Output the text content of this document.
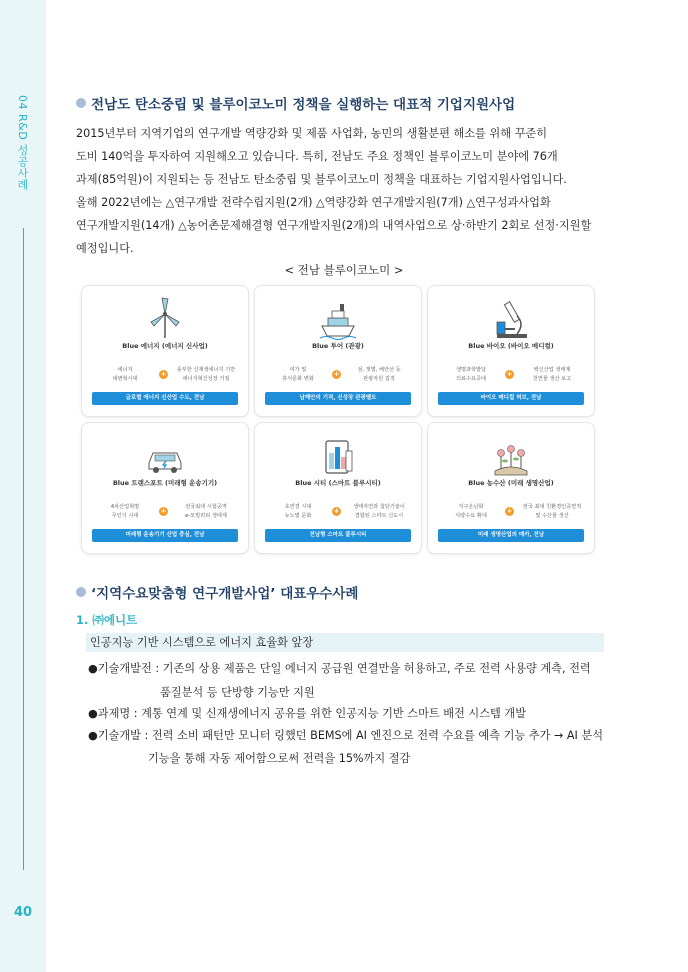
04 R&D 성공사례
40
전남도 탄소중립 및 블루이코노미 정책을 실행하는 대표적 기업지원사업
2015년부터 지역기업의 연구개발 역량강화 및 제품 사업화, 농민의 생활분편 해소를 위해 꾸준히
도비 140억을 투자하여 지원해오고 있습니다. 특히, 전남도 주요 정책인 블루이코노미 분야에 76개
과제(85억원)이 지원되는 등 전남도 탄소중립 및 블루이코노미 정책을 대표하는 기업지원사업입니다.
올해 2022년에는 △연구개발 전략수립지원(2개) △역량강화 연구개발지원(7개) △연구성과사업화
연구개발지원(14개) △농어촌문제해결형 연구개발지원(2개)의 내역사업으로 상·하반기 2회로 선정·지원할
예정입니다.
< 전남 블루이코노미 >
Blue 에너지 (에너지 신사업)
에너지
대변혁시대
+	풍부한 신재생에너지 기반
에너지혁신성장 거점
글로벌 에너지 신산업 수도, 전남
Blue 투어 (관광)
여가 및
휴식문화 변화
+	섬, 갯벌, 해안선 등
관광자원 집적
남해안의 기적, 신성장 관광벨트
Blue 바이오 (바이오 메디컬)
생명과학발달
의료수요증대
+	백신산업 생태계
천연물 생산 보고
바이오 메디컬 허브, 전남
Blue 트랜스포트 (미래형 운송기기)
4차산업혁명
무인기 시대
+	전국최대 시험공역
e-모빌리티 생태계
미래형 운송기기 산업 중심, 전남
Blue 시티 (스마트 블루시티)
초연결 시대
뉴노멀 문화
+	생태자연과 첨단기술이
결합된 스마트 신도시
전남형 스마트 블루시티
Blue 농수산 (미래 생명산업)
지구온난화
식량수요 확대
+	전국 최대 친환경인증면적
및 수산물 생산
미래 생명산업의 메카, 전남
‘지역수요맞춤형 연구개발사업’ 대표우수사례
1. ㈜에니트
인공지능 기반 시스템으로 에너지 효율화 앞장
●기술개발전 : 기존의 상용 제품은 단일 에너지 공급원 연결만을 허용하고, 주로 전력 사용량 계측, 전력
품질분석 등 단방향 기능만 지원
●과제명 : 계통 연계 및 신재생에너지 공유를 위한 인공지능 기반 스마트 배전 시스템 개발
●기술개발 : 전력 소비 패턴만 모니터 링했던 BEMS에 AI 엔진으로 전력 수요를 예측 기능 추가 → AI 분석
기능을 통해 자동 제어함으로써 전력을 15%까지 절감
